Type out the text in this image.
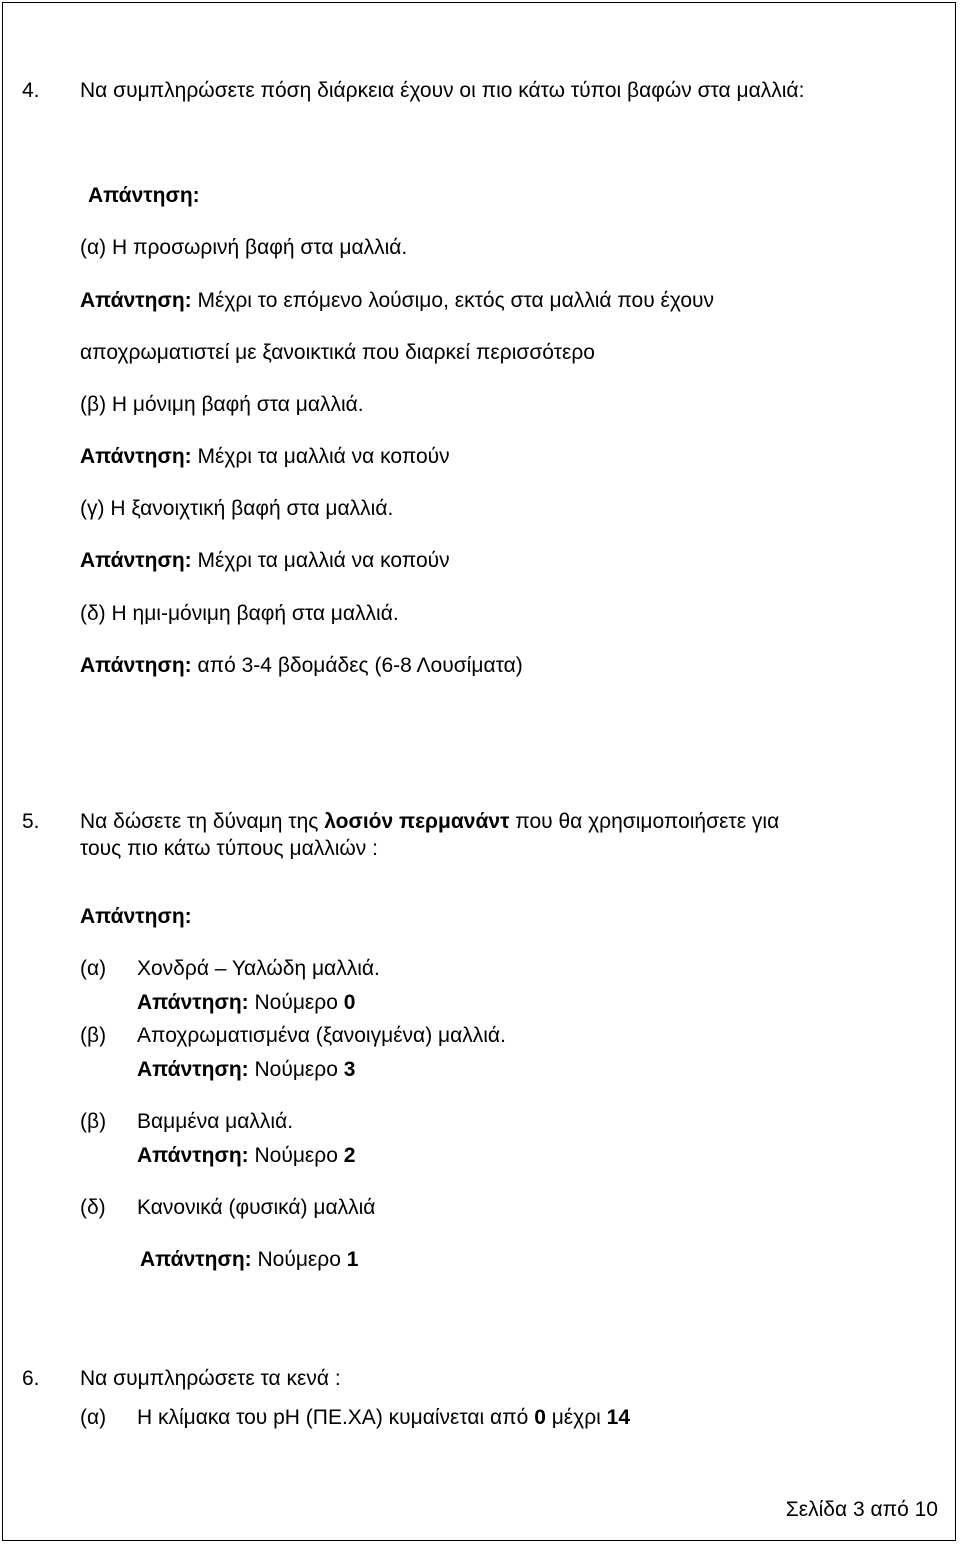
4. Να συμπληρώσετε πόση διάρκεια έχουν οι πιο κάτω τύποι βαφών στα μαλλιά:
Απάντηση:
(α) Η προσωρινή βαφή στα μαλλιά.
Απάντηση: Μέχρι το επόμενο λούσιμο, εκτός στα μαλλιά που έχουν
αποχρωματιστεί με ξανοικτικά που διαρκεί περισσότερο
(β) Η μόνιμη βαφή στα μαλλιά.
Απάντηση: Μέχρι τα μαλλιά να κοπούν
(γ) Η ξανοιχτική βαφή στα μαλλιά.
Απάντηση: Μέχρι τα μαλλιά να κοπούν
(δ) Η ημι-μόνιμη βαφή στα μαλλιά.
Απάντηση: από 3-4 βδομάδες (6-8 Λουσίματα)
5. Να δώσετε τη δύναμη της λοσιόν περμανάντ που θα χρησιμοποιήσετε για
τους πιο κάτω τύπους μαλλιών :
Απάντηση:
(α) Χονδρά – Υαλώδη μαλλιά.
Απάντηση: Νούμερο 0
(β) Αποχρωματισμένα (ξανοιγμένα) μαλλιά.
Απάντηση: Νούμερο 3
(β) Βαμμένα μαλλιά.
Απάντηση: Νούμερο 2
(δ) Κανονικά (φυσικά) μαλλιά
Απάντηση: Νούμερο 1
6. Να συμπληρώσετε τα κενά :
(α) Η κλίμακα του pH (ΠΕ.ΧΑ) κυμαίνεται από 0 μέχρι 14
Σελίδα 3 από 10
